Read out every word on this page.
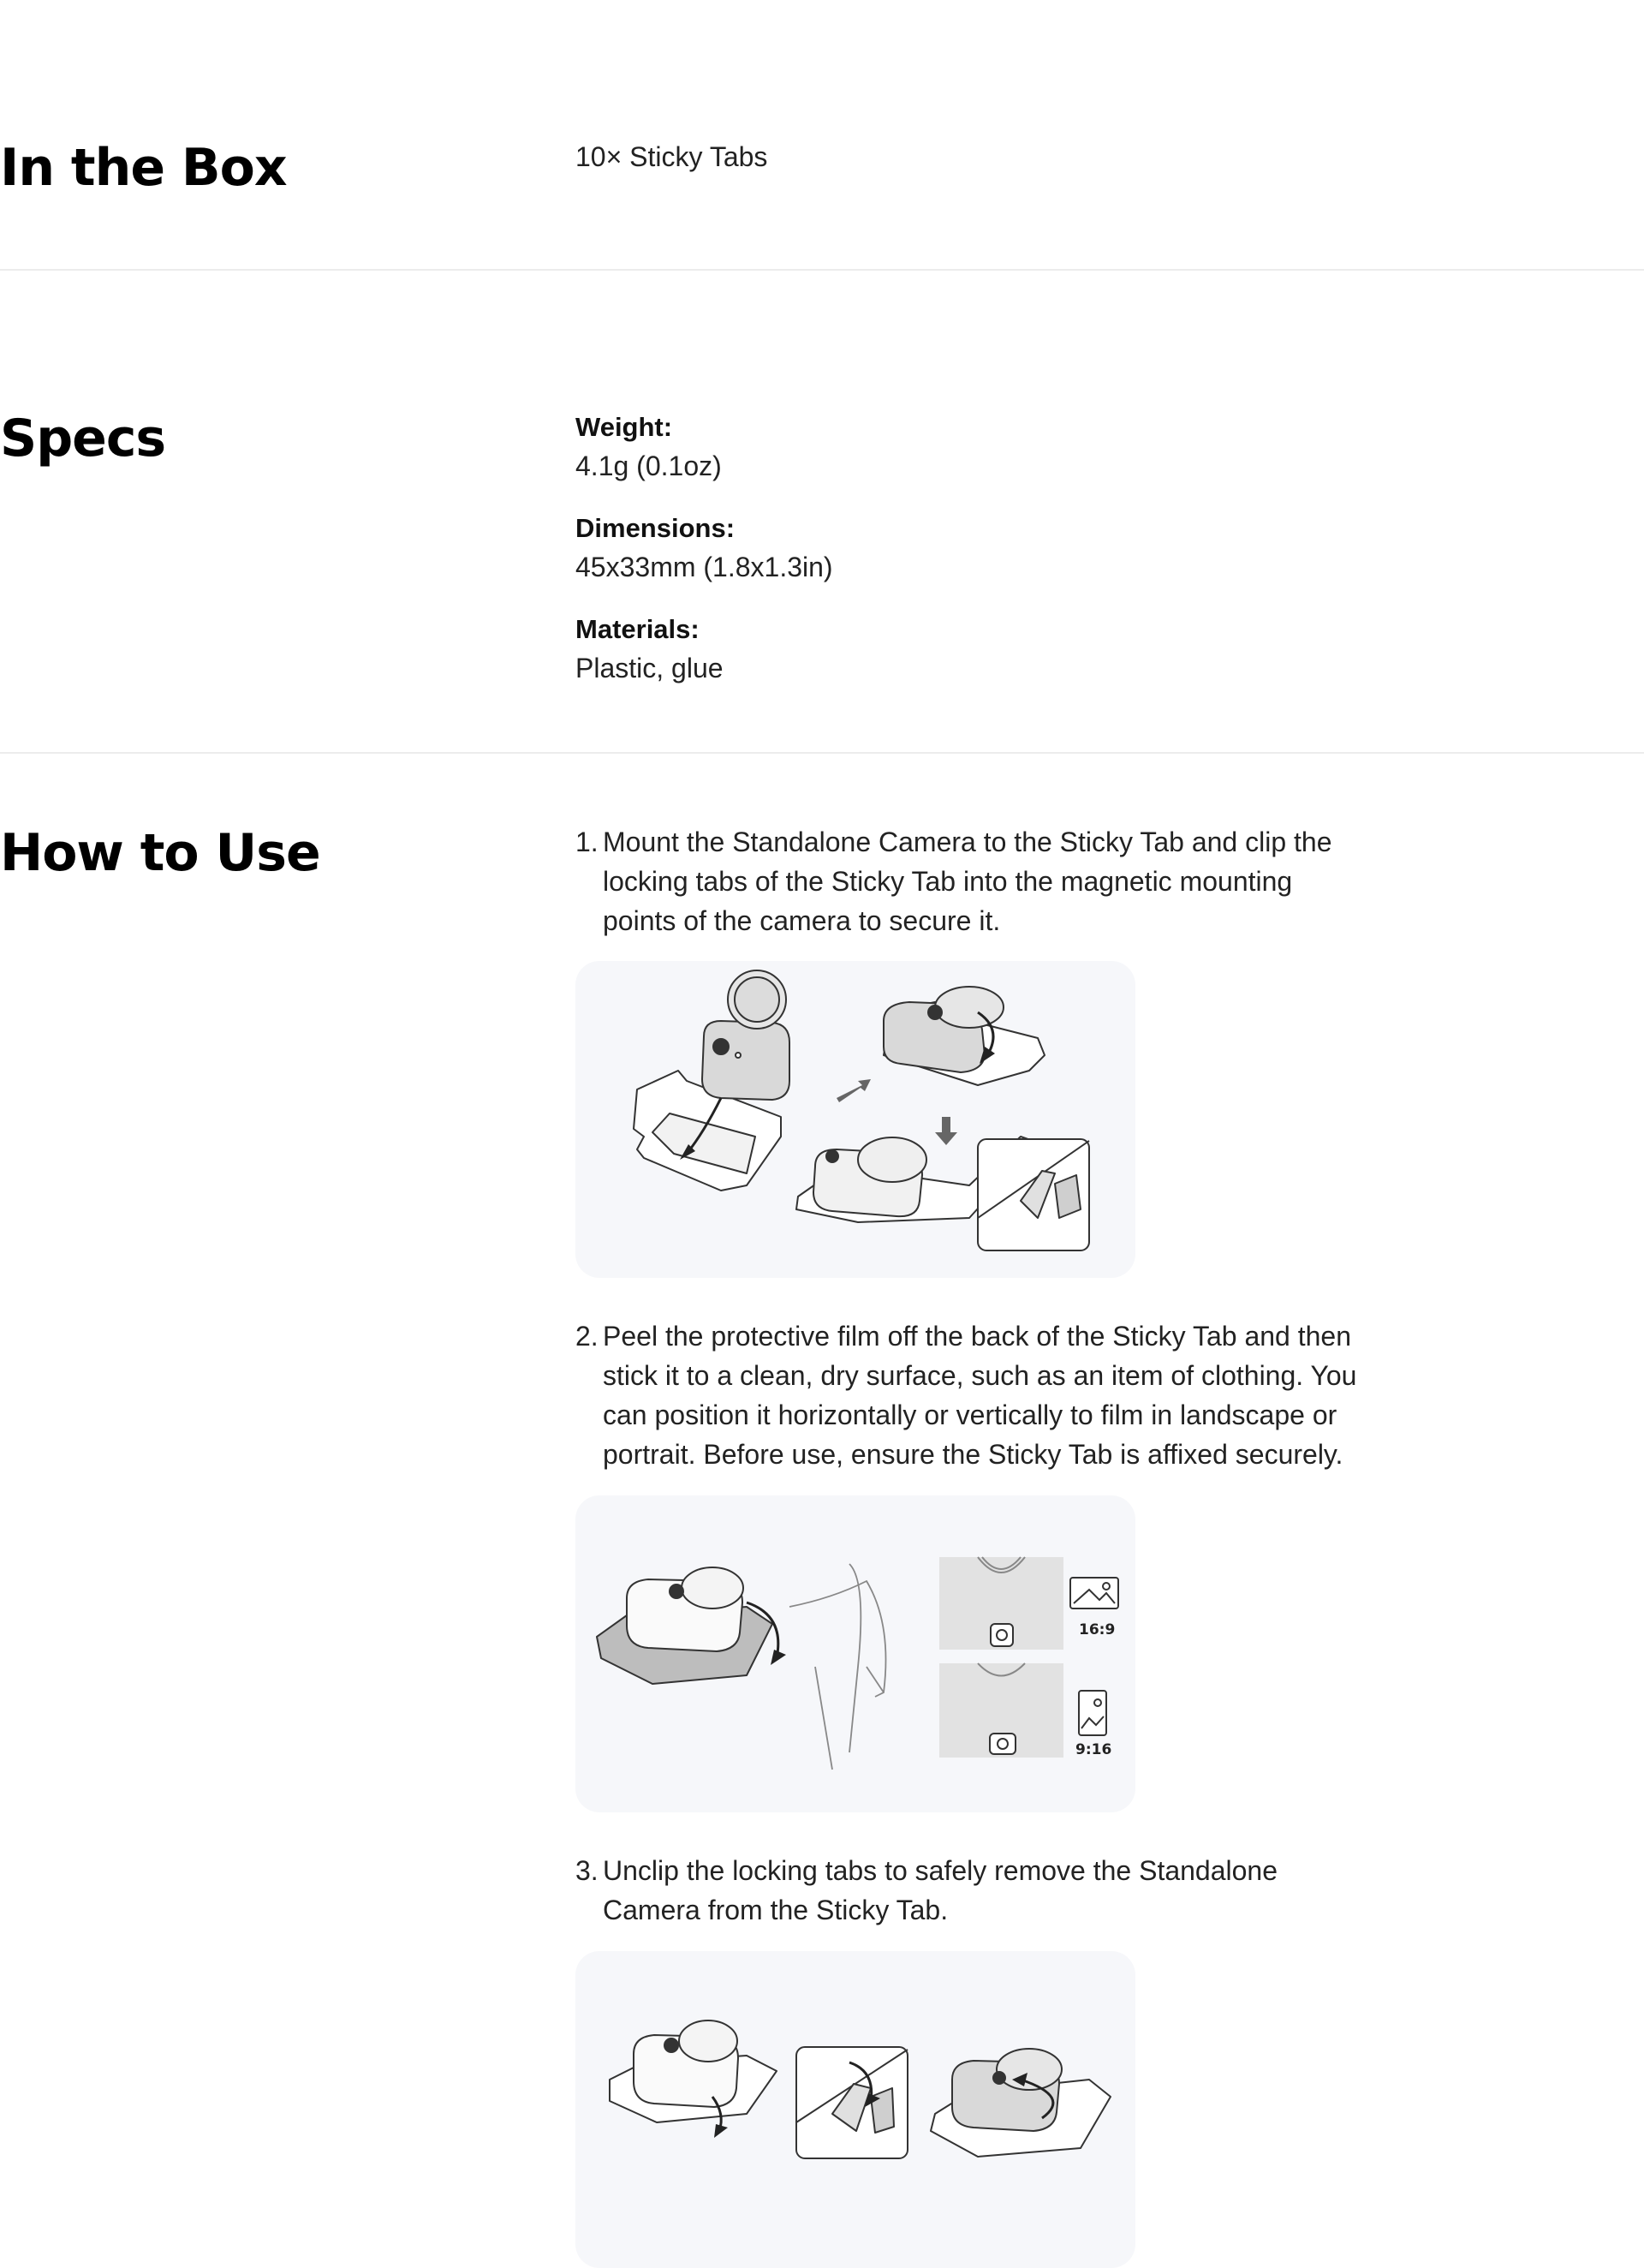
In the Box	10× Sticky Tabs
Specs	Weight:
4.1g (0.1oz)
Dimensions:
45x33mm (1.8x1.3in)
Materials:
Plastic, glue
How to Use	1. Mount the Standalone Camera to the Sticky Tab and clip the locking tabs of the Sticky Tab into the magnetic mounting points of the camera to secure it.
2. Peel the protective film off the back of the Sticky Tab and then stick it to a clean, dry surface, such as an item of clothing. You can position it horizontally or vertically to film in landscape or portrait. Before use, ensure the Sticky Tab is affixed securely.
16:9
9:16
3. Unclip the locking tabs to safely remove the Standalone Camera from the Sticky Tab.
